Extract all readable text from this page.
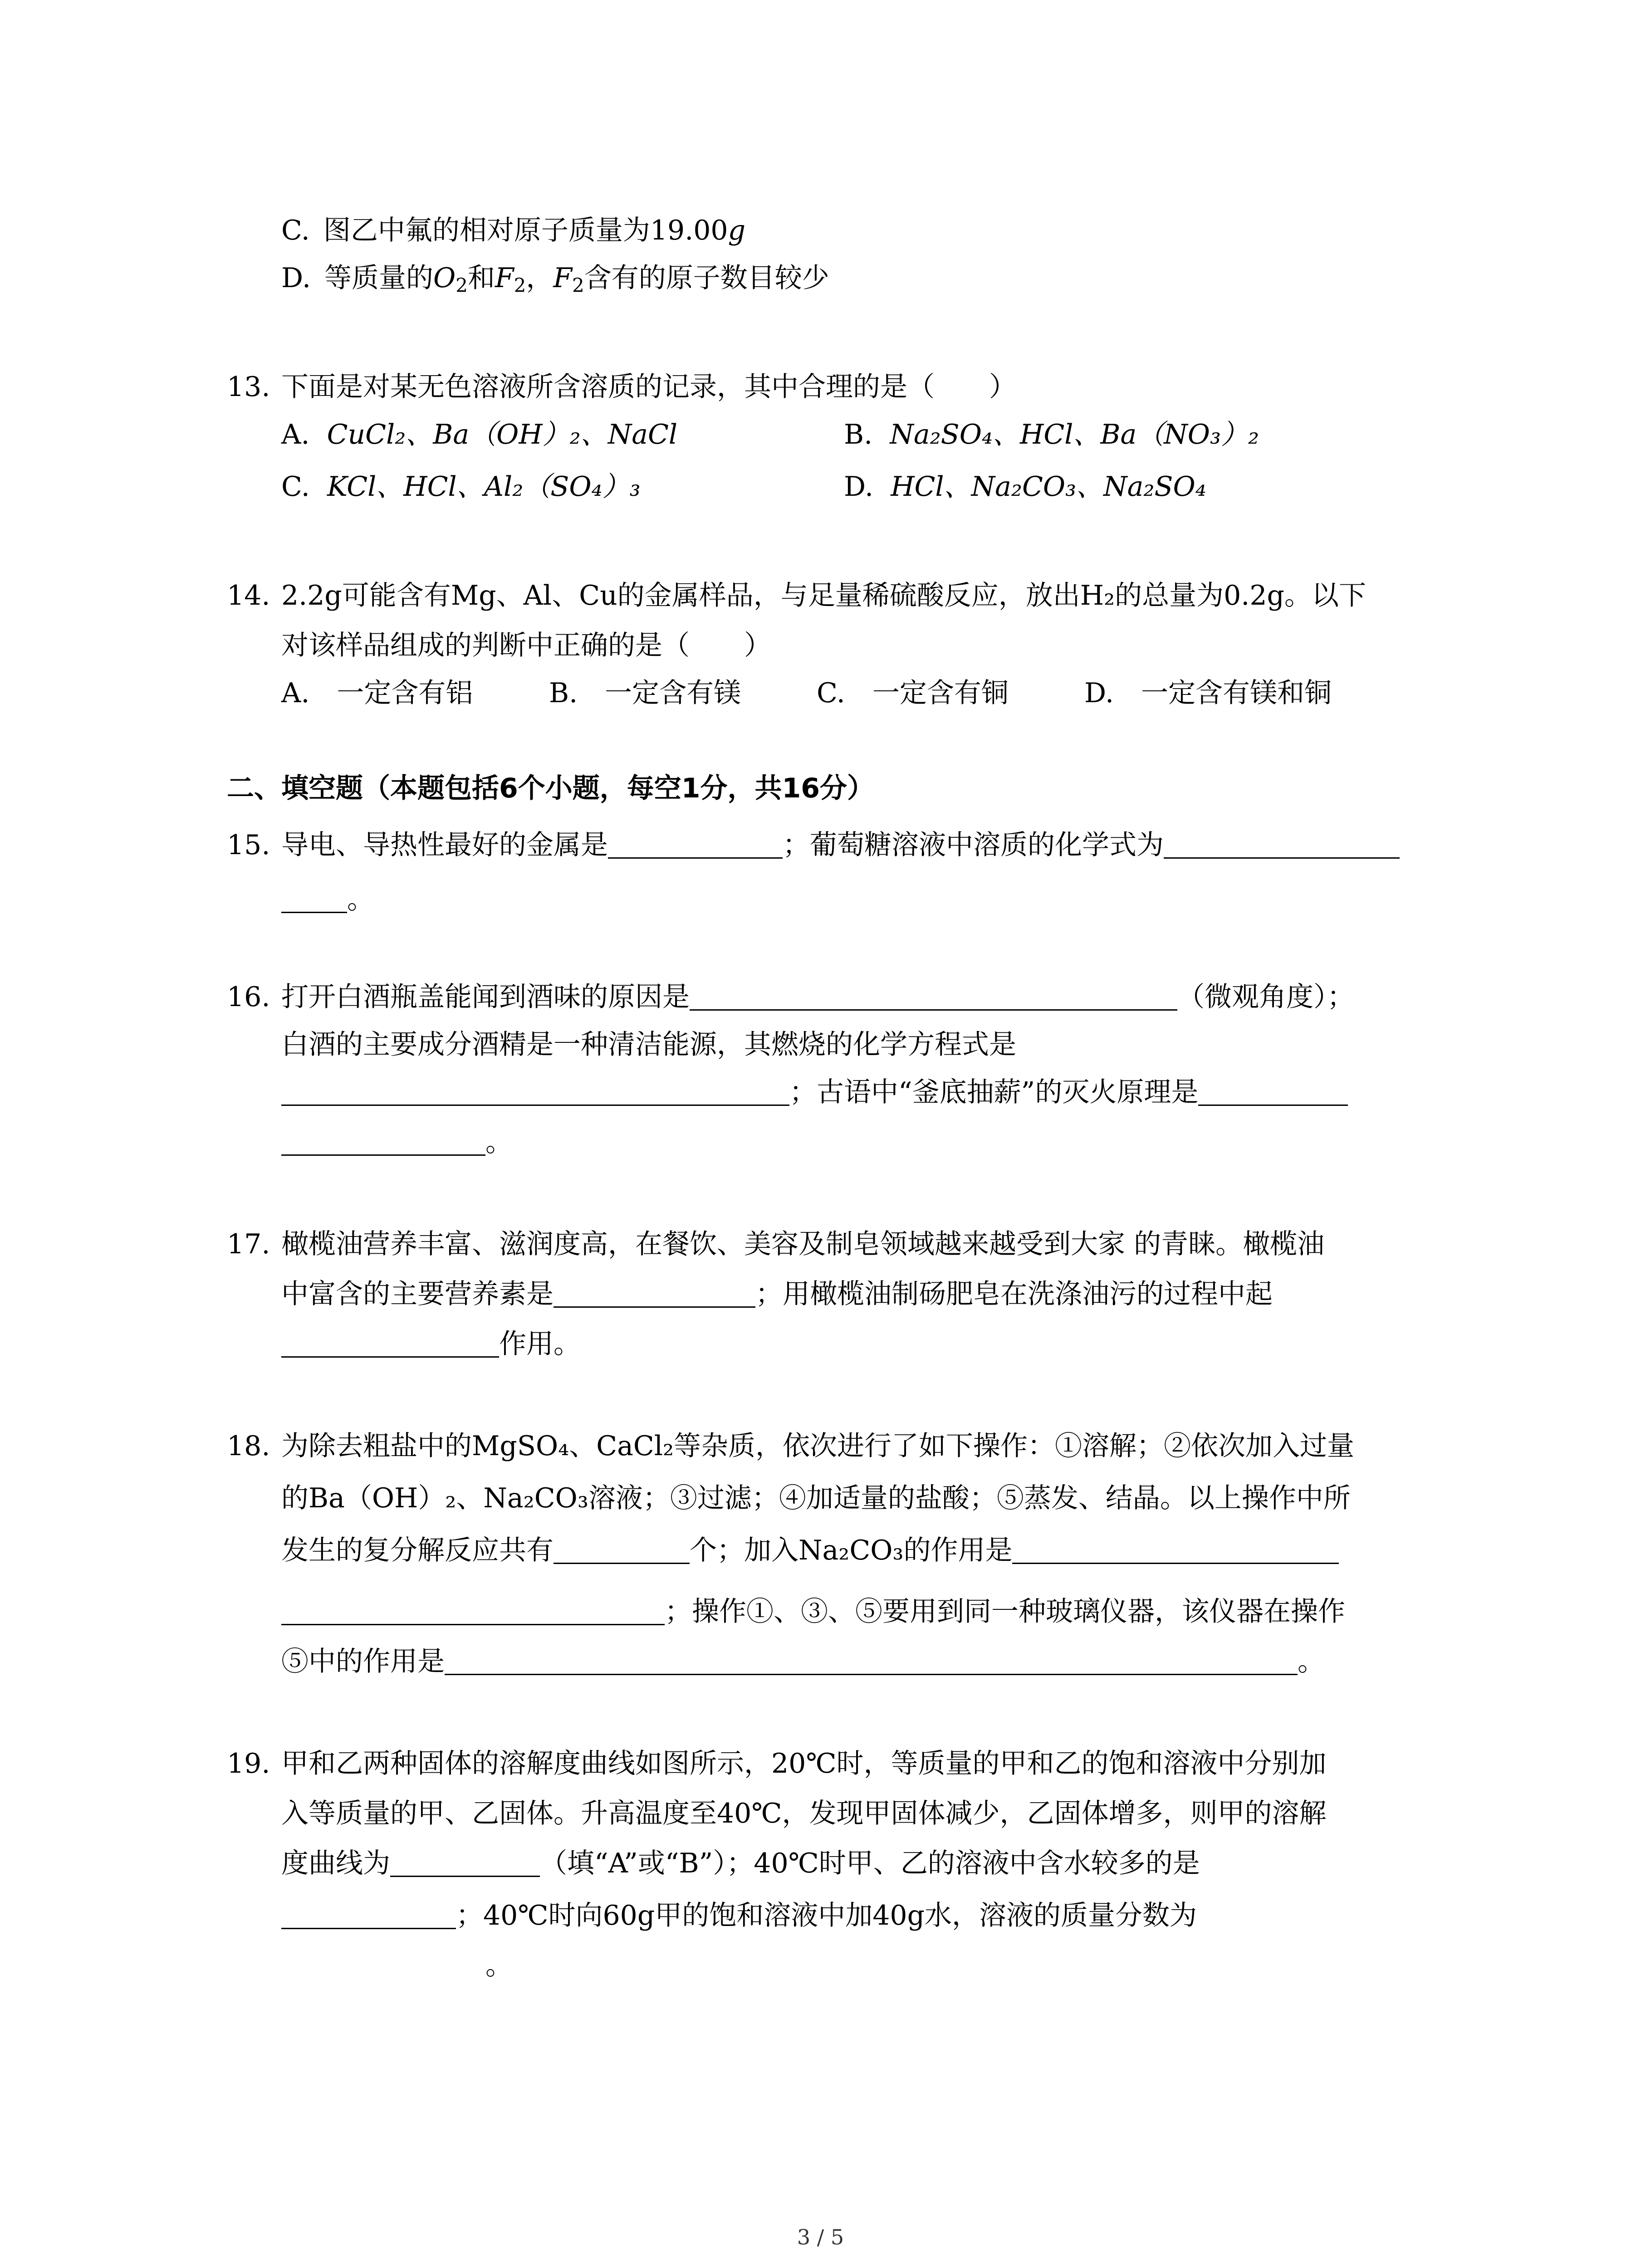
C. 图乙中氟的相对原子质量为19.00g
D. 等质量的$O_2$和$F_2$，$F_2$含有的原子数目较少
13. 下面是对某无色溶液所含溶质的记录，其中合理的是（　　）
A. CuCl₂、Ba（OH）₂、NaCl	B. Na₂SO₄、HCl、Ba（NO₃）₂
C. KCl、HCl、Al₂（SO₄）₃	D. HCl、Na₂CO₃、Na₂SO₄
14. 2.2g可能含有Mg、Al、Cu的金属样品，与足量稀硫酸反应，放出H₂的总量为0.2g。以下
对该样品组成的判断中正确的是（　　）
A.　一定含有铝	B.　一定含有镁	C.　一定含有铜	D.　一定含有镁和铜
二、填空题（本题包括6个小题，每空1分，共16分）
15. 导电、导热性最好的金属是	；葡萄糖溶液中溶质的化学式为
。
16. 打开白酒瓶盖能闻到酒味的原因是	（微观角度）；
白酒的主要成分酒精是一种清洁能源，其燃烧的化学方程式是
；古语中“釜底抽薪”的灭火原理是
。
17. 橄榄油营养丰富、滋润度高，在餐饮、美容及制皂领域越来越受到大家 的青睐。橄榄油
中富含的主要营养素是	；用橄榄油制砀肥皂在洗涤油污的过程中起
作用。
18. 为除去粗盐中的MgSO₄、CaCl₂等杂质，依次进行了如下操作：①溶解；②依次加入过量
的Ba（OH）₂、Na₂CO₃溶液；③过滤；④加适量的盐酸；⑤蒸发、结晶。以上操作中所
发生的复分解反应共有	个；加入Na₂CO₃的作用是
；操作①、③、⑤要用到同一种玻璃仪器，该仪器在操作
⑤中的作用是	。
19. 甲和乙两种固体的溶解度曲线如图所示，20℃时，等质量的甲和乙的饱和溶液中分别加
入等质量的甲、乙固体。升高温度至40℃，发现甲固体减少，乙固体增多，则甲的溶解
度曲线为	（填“A”或“B”）；40℃时甲、乙的溶液中含水较多的是
；40℃时向60g甲的饱和溶液中加40g水，溶液的质量分数为
。
3 / 5
